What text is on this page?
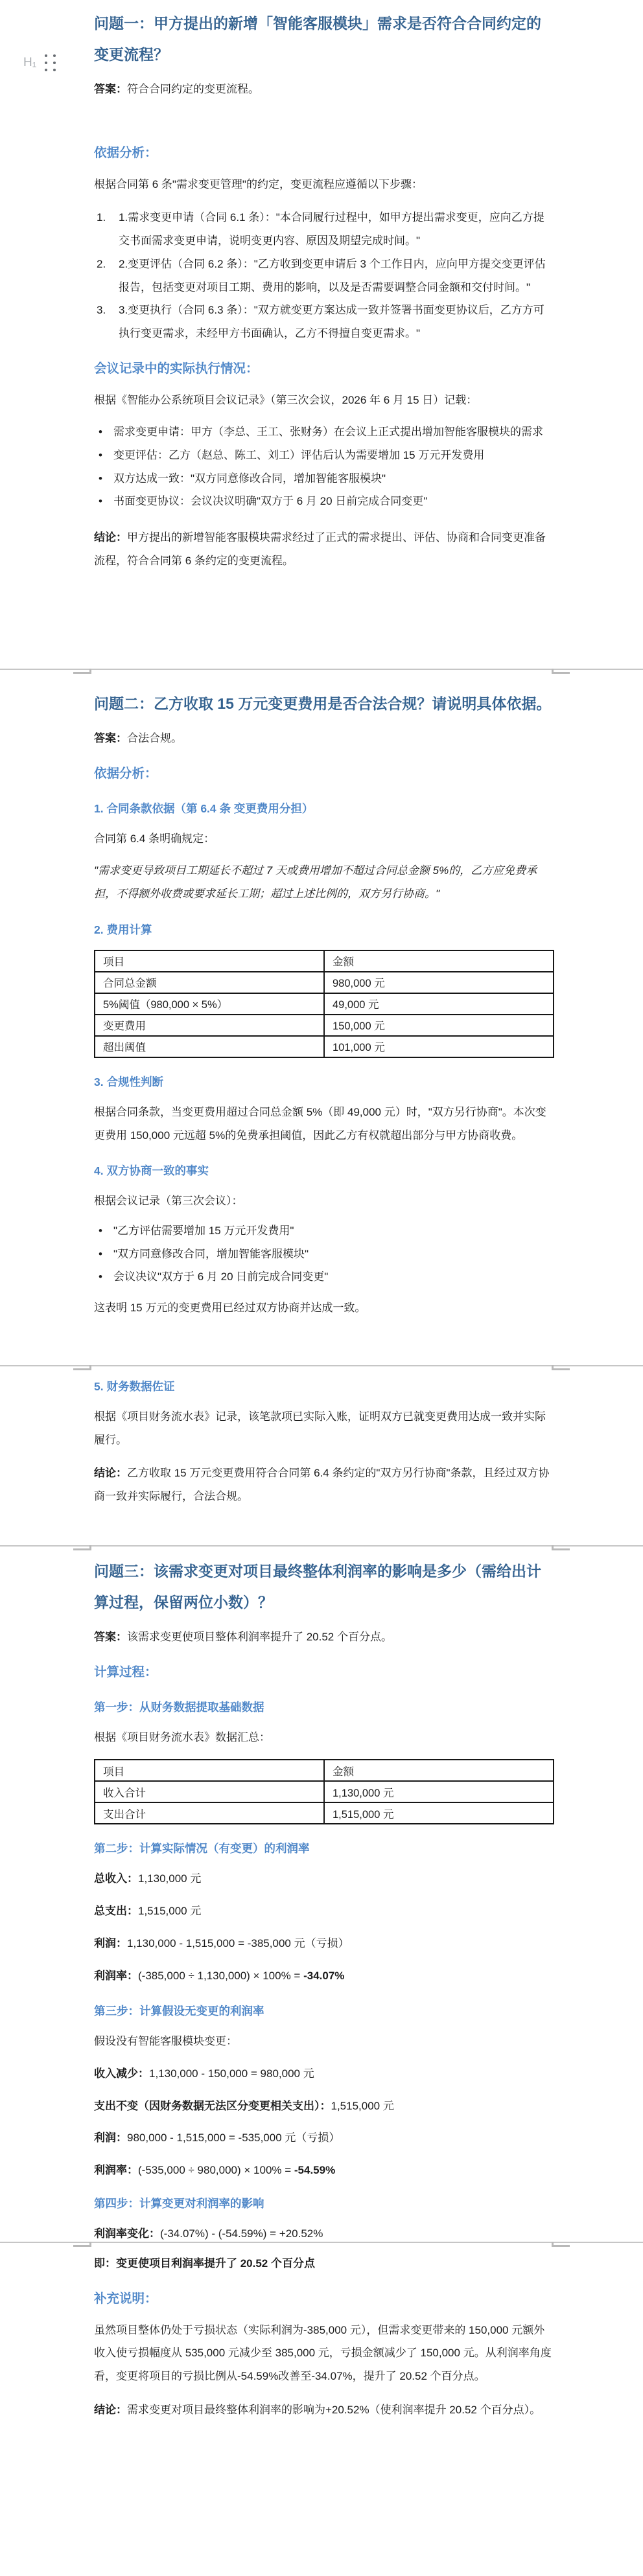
H₁
问题一：甲方提出的新增「智能客服模块」需求是否符合合同约定的变更流程？

答案：符合合同约定的变更流程。

依据分析：

根据合同第 6 条"需求变更管理"的约定，变更流程应遵循以下步骤：

1. 1.需求变更申请（合同 6.1 条）："本合同履行过程中，如甲方提出需求变更，应向乙方提交书面需求变更申请，说明变更内容、原因及期望完成时间。"
2. 2.变更评估（合同 6.2 条）："乙方收到变更申请后 3 个工作日内，应向甲方提交变更评估报告，包括变更对项目工期、费用的影响，以及是否需要调整合同金额和交付时间。"
3. 3.变更执行（合同 6.3 条）："双方就变更方案达成一致并签署书面变更协议后，乙方方可执行变更需求，未经甲方书面确认，乙方不得擅自变更需求。"
会议记录中的实际执行情况：

根据《智能办公系统项目会议记录》（第三次会议，2026 年 6 月 15 日）记载：

• 需求变更申请：甲方（李总、王工、张财务）在会议上正式提出增加智能客服模块的需求
• 变更评估：乙方（赵总、陈工、刘工）评估后认为需要增加 15 万元开发费用
• 双方达成一致："双方同意修改合同，增加智能客服模块"
• 书面变更协议：会议决议明确"双方于 6 月 20 日前完成合同变更"

结论：甲方提出的新增智能客服模块需求经过了正式的需求提出、评估、协商和合同变更准备流程，符合合同第 6 条约定的变更流程。

问题二：乙方收取 15 万元变更费用是否合法合规？请说明具体依据。

答案：合法合规。

依据分析：
1. 合同条款依据（第 6.4 条 变更费用分担）

合同第 6.4 条明确规定：

"需求变更导致项目工期延长不超过 7 天或费用增加不超过合同总金额 5%的，乙方应免费承担，不得额外收费或要求延长工期；超过上述比例的，双方另行协商。"

2. 费用计算
项目	金额
合同总金额	980,000 元
5%阈值（980,000 × 5%）	49,000 元
变更费用	150,000 元
超出阈值	101,000 元
3. 合规性判断

根据合同条款，当变更费用超过合同总金额 5%（即 49,000 元）时，"双方另行协商"。本次变更费用 150,000 元远超 5%的免费承担阈值，因此乙方有权就超出部分与甲方协商收费。

4. 双方协商一致的事实

根据会议记录（第三次会议）：

• "乙方评估需要增加 15 万元开发费用"
• "双方同意修改合同，增加智能客服模块"
• 会议决议"双方于 6 月 20 日前完成合同变更"

这表明 15 万元的变更费用已经过双方协商并达成一致。

5. 财务数据佐证

根据《项目财务流水表》记录，该笔款项已实际入账，证明双方已就变更费用达成一致并实际履行。

结论：乙方收取 15 万元变更费用符合合同第 6.4 条约定的"双方另行协商"条款，且经过双方协商一致并实际履行，合法合规。

问题三：该需求变更对项目最终整体利润率的影响是多少（需给出计算过程，保留两位小数）？

答案：该需求变更使项目整体利润率提升了 20.52 个百分点。

计算过程：
第一步：从财务数据提取基础数据

根据《项目财务流水表》数据汇总：

项目	金额
收入合计	1,130,000 元
支出合计	1,515,000 元
第二步：计算实际情况（有变更）的利润率

总收入：1,130,000 元

总支出：1,515,000 元

利润：1,130,000 - 1,515,000 = -385,000 元（亏损）

利润率：(-385,000 ÷ 1,130,000) × 100% = -34.07%

第三步：计算假设无变更的利润率

假设没有智能客服模块变更：

收入减少：1,130,000 - 150,000 = 980,000 元

支出不变（因财务数据无法区分变更相关支出）：1,515,000 元

利润：980,000 - 1,515,000 = -535,000 元（亏损）

利润率：(-535,000 ÷ 980,000) × 100% = -54.59%

第四步：计算变更对利润率的影响

利润率变化：(-34.07%) - (-54.59%) = +20.52%

即：变更使项目利润率提升了 20.52 个百分点

补充说明：

虽然项目整体仍处于亏损状态（实际利润为-385,000 元），但需求变更带来的 150,000 元额外收入使亏损幅度从 535,000 元减少至 385,000 元，亏损金额减少了 150,000 元。从利润率角度看，变更将项目的亏损比例从-54.59%改善至-34.07%，提升了 20.52 个百分点。

结论：需求变更对项目最终整体利润率的影响为+20.52%（使利润率提升 20.52 个百分点）。
